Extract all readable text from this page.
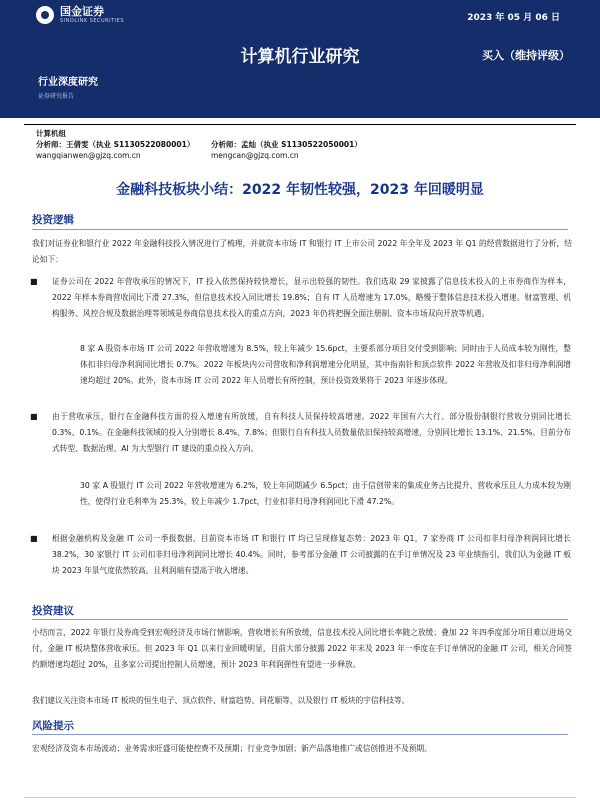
国金证券
SINOLINK SECURITIES	2023 年 05 月 06 日
计算机行业研究	买入（维持评级）
行业深度研究
证券研究报告
计算机组
分析师：王倩雯（执业 S1130522080001）	分析师：孟灿（执业 S1130522050001）
wangqianwen@gjzq.com.cn	mengcan@gjzq.com.cn
金融科技板块小结：2022 年韧性较强，2023 年回暖明显
投资逻辑

我们对证券业和银行业 2022 年金融科技投入情况进行了梳理，并就资本市场 IT 和银行 IT 上市公司 2022 年全年及 2023 年 Q1 的经营数据进行了分析，结论如下：

■	证券公司在 2022 年营收承压的情况下，IT 投入依然保持较快增长，显示出较强的韧性。我们选取 29 家披露了信息技术投入的上市券商作为样本，2022 年样本券商营收同比下滑 27.3%，但信息技术投入同比增长 19.8%；自有 IT 人员增速为 17.0%，略慢于整体信息技术投入增速。财富管理、机构服务、风控合规及数据治理等领域是券商信息技术投入的重点方向，2023 年仍将把握全面注册制、资本市场双向开放等机遇。

8 家 A 股资本市场 IT 公司 2022 年营收增速为 8.5%，较上年减少 15.6pct，主要系部分项目交付受到影响；同时由于人员成本较为刚性，整体扣非归母净利润同比增长 0.7%。2022 年板块内公司营收和净利润增速分化明显，其中指南针和顶点软件 2022 年营收及扣非归母净利润增速均超过 20%。此外，资本市场 IT 公司 2022 年人员增长有所控制，预计投资效果将于 2023 年逐步体现。

■	由于营收承压，银行在金融科技方面的投入增速有所放缓，自有科技人员保持较高增速。2022 年国有六大行、部分股份制银行营收分别同比增长 0.3%、0.1%。在金融科技领域的投入分别增长 8.4%、7.8%；但银行自有科技人员数量依旧保持较高增速，分别同比增长 13.1%、21.5%。目前分布式转型、数据治理、AI 为大型银行 IT 建设的重点投入方向。

30 家 A 股银行 IT 公司 2022 年营收增速为 6.2%，较上年同期减少 6.5pct；由于信创带来的集成业务占比提升、营收承压且人力成本较为刚性，使得行业毛利率为 25.3%，较上年减少 1.7pct，行业扣非归母净利润同比下滑 47.2%。

■	根据金融机构及金融 IT 公司一季报数据，目前资本市场 IT 和银行 IT 均已呈现修复态势：2023 年 Q1，7 家券商 IT 公司扣非归母净利润同比增长 38.2%，30 家银行 IT 公司扣非归母净利润同比增长 40.4%。同时，参考部分金融 IT 公司披露的在手订单情况及 23 年业绩指引，我们认为金融 IT 板块 2023 年景气度依然较高，且利润端有望高于收入增速。
投资建议

小结而言，2022 年银行及券商受到宏观经济及市场行情影响，营收增长有所放缓，信息技术投入同比增长率随之放缓；叠加 22 年四季度部分项目难以进场交付，金融 IT 板块整体营收承压。但 2023 年 Q1 以来行业回暖明显，目前大部分披露 2022 年末及 2023 年一季度在手订单情况的金融 IT 公司，相关合同签约额增速均超过 20%，且多家公司提出控制人员增速，预计 2023 年利润弹性有望进一步释放。

我们建议关注资本市场 IT 板块的恒生电子、顶点软件、财富趋势、同花顺等，以及银行 IT 板块的宇信科技等。

风险提示

宏观经济及资本市场波动；业务需求旺盛可能使控费不及预期；行业竞争加剧；新产品落地推广或信创推进不及预期。
